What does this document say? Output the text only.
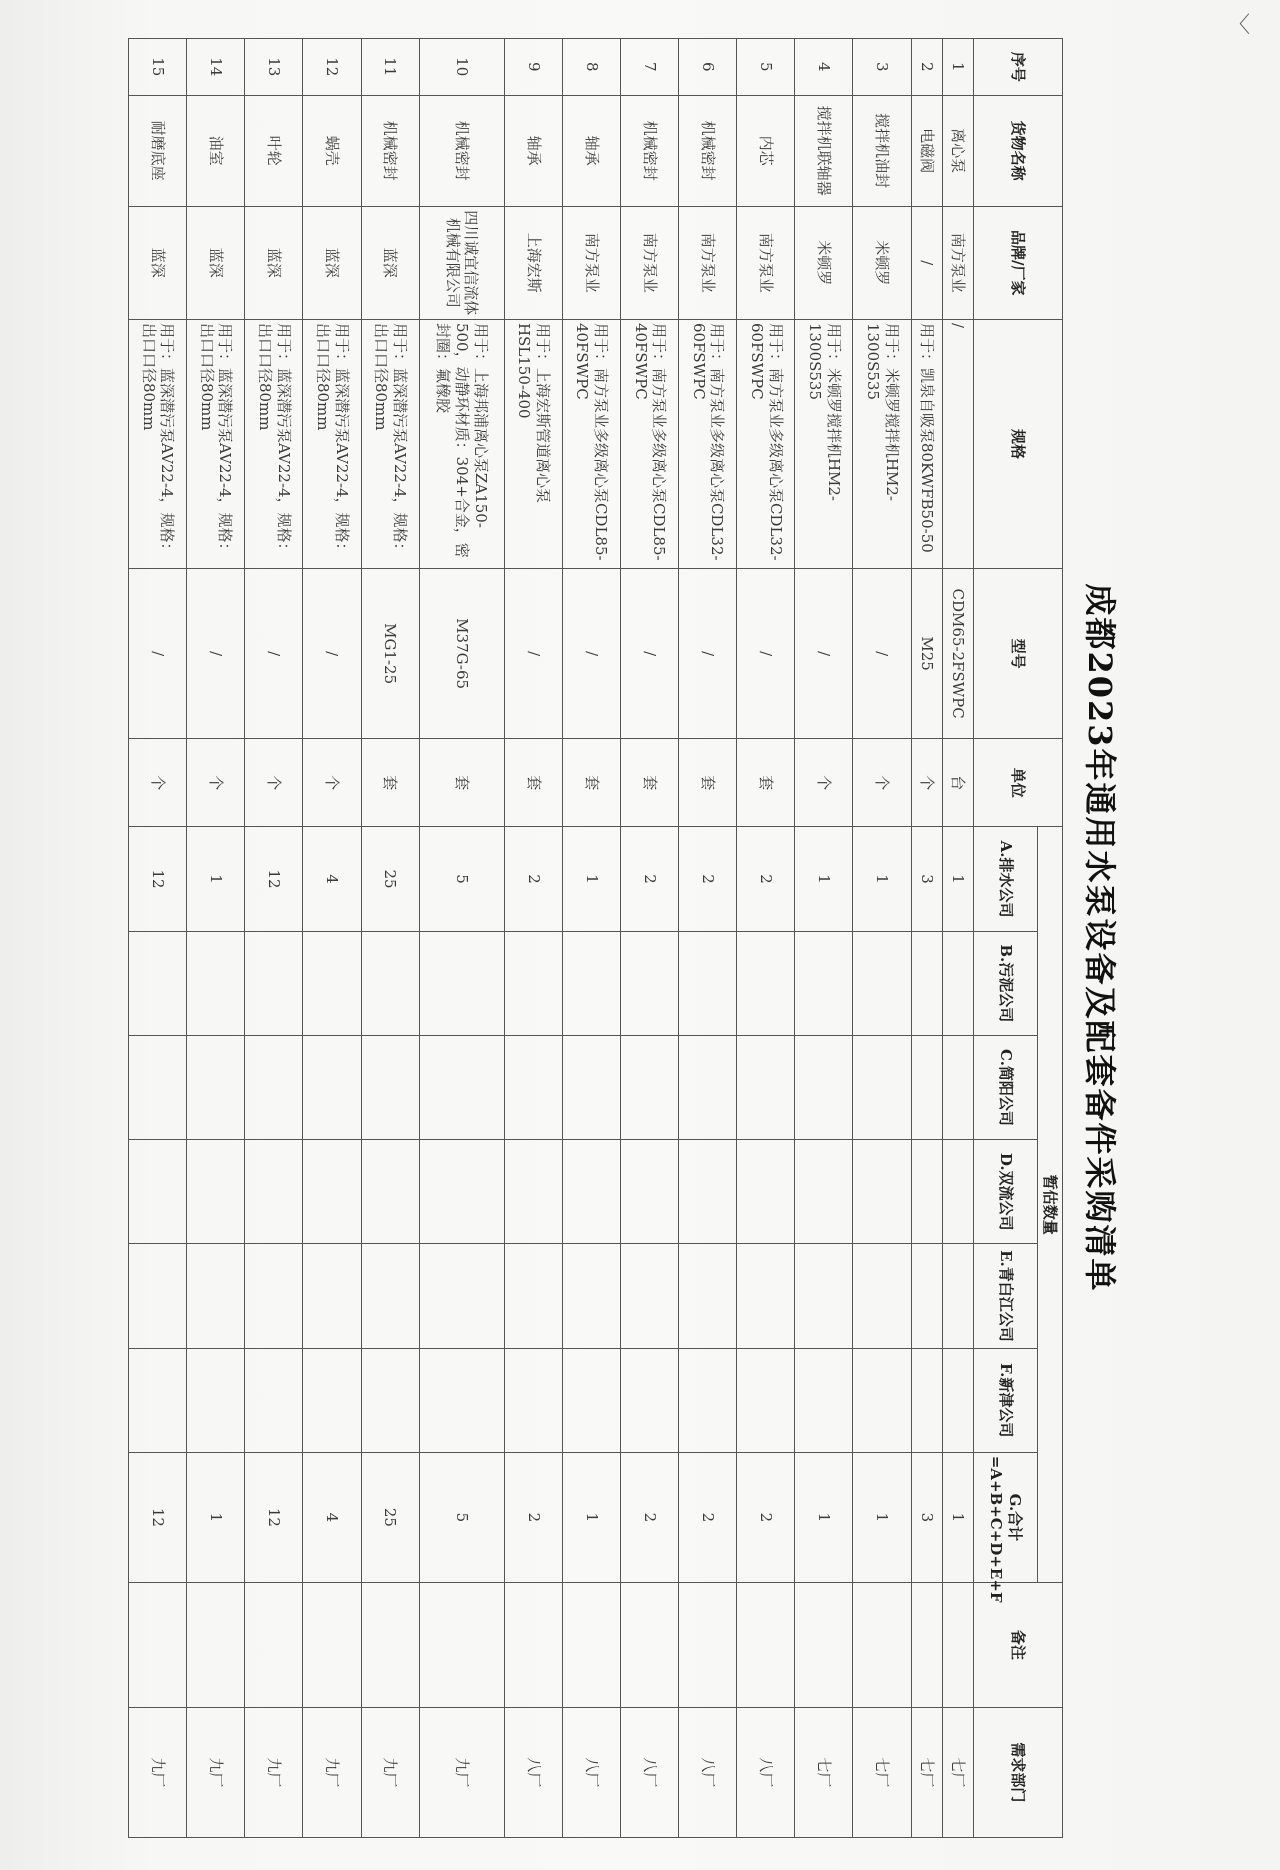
〈
成都2023年通用水泵设备及配套备件采购清单
序号	货物名称	品牌/厂家	规格	型号	单位	暂估数量							备注	需求部门
						A.排水公司	B.污泥公司	C.简阳公司	D.双流公司	E.青白江公司	F.新津公司	G.合计 =A+B+C+D+E+F		
1	离心泵	南方泵业	/	CDM65-2FSWPC	台	1						1		七厂
2	电磁阀	/	用于：凯泉自吸泵80KWFB50-50	M25	个	3						3		七厂
3	搅拌机油封	米顿罗	用于：米顿罗搅拌机HM2-1300S535	/	个	1						1		七厂
4	搅拌机联轴器	米顿罗	用于：米顿罗搅拌机HM2-1300S535	/	个	1						1		七厂
5	内芯	南方泵业	用于：南方泵业多级离心泵CDL32-60FSWPC	/	套	2						2		八厂
6	机械密封	南方泵业	用于：南方泵业多级离心泵CDL32-60FSWPC	/	套	2						2		八厂
7	机械密封	南方泵业	用于：南方泵业多级离心泵CDL85-40FSWPC	/	套	2						2		八厂
8	轴承	南方泵业	用于：南方泵业多级离心泵CDL85-40FSWPC	/	套	1						1		八厂
9	轴承	上海宏斯	用于：上海宏斯管道离心泵HSL150-400	/	套	2						2		八厂
10	机械密封	四川诚宜信流体机械有限公司	用于：上海邦浦离心泵ZA150-500，动静环材质：304+合金，密封圈：氟橡胶	M37G-65	套	5						5		九厂
11	机械密封	蓝深	用于：蓝深潜污泵AV22-4，规格：出口口径80mm	MG1-25	套	25						25		九厂
12	蜗壳	蓝深	用于：蓝深潜污泵AV22-4，规格：出口口径80mm	/	个	4						4		九厂
13	叶轮	蓝深	用于：蓝深潜污泵AV22-4，规格：出口口径80mm	/	个	12						12		九厂
14	油室	蓝深	用于：蓝深潜污泵AV22-4，规格：出口口径80mm	/	个	1						1		九厂
15	耐磨底座	蓝深	用于：蓝深潜污泵AV22-4，规格：出口口径80mm	/	个	12						12		九厂
